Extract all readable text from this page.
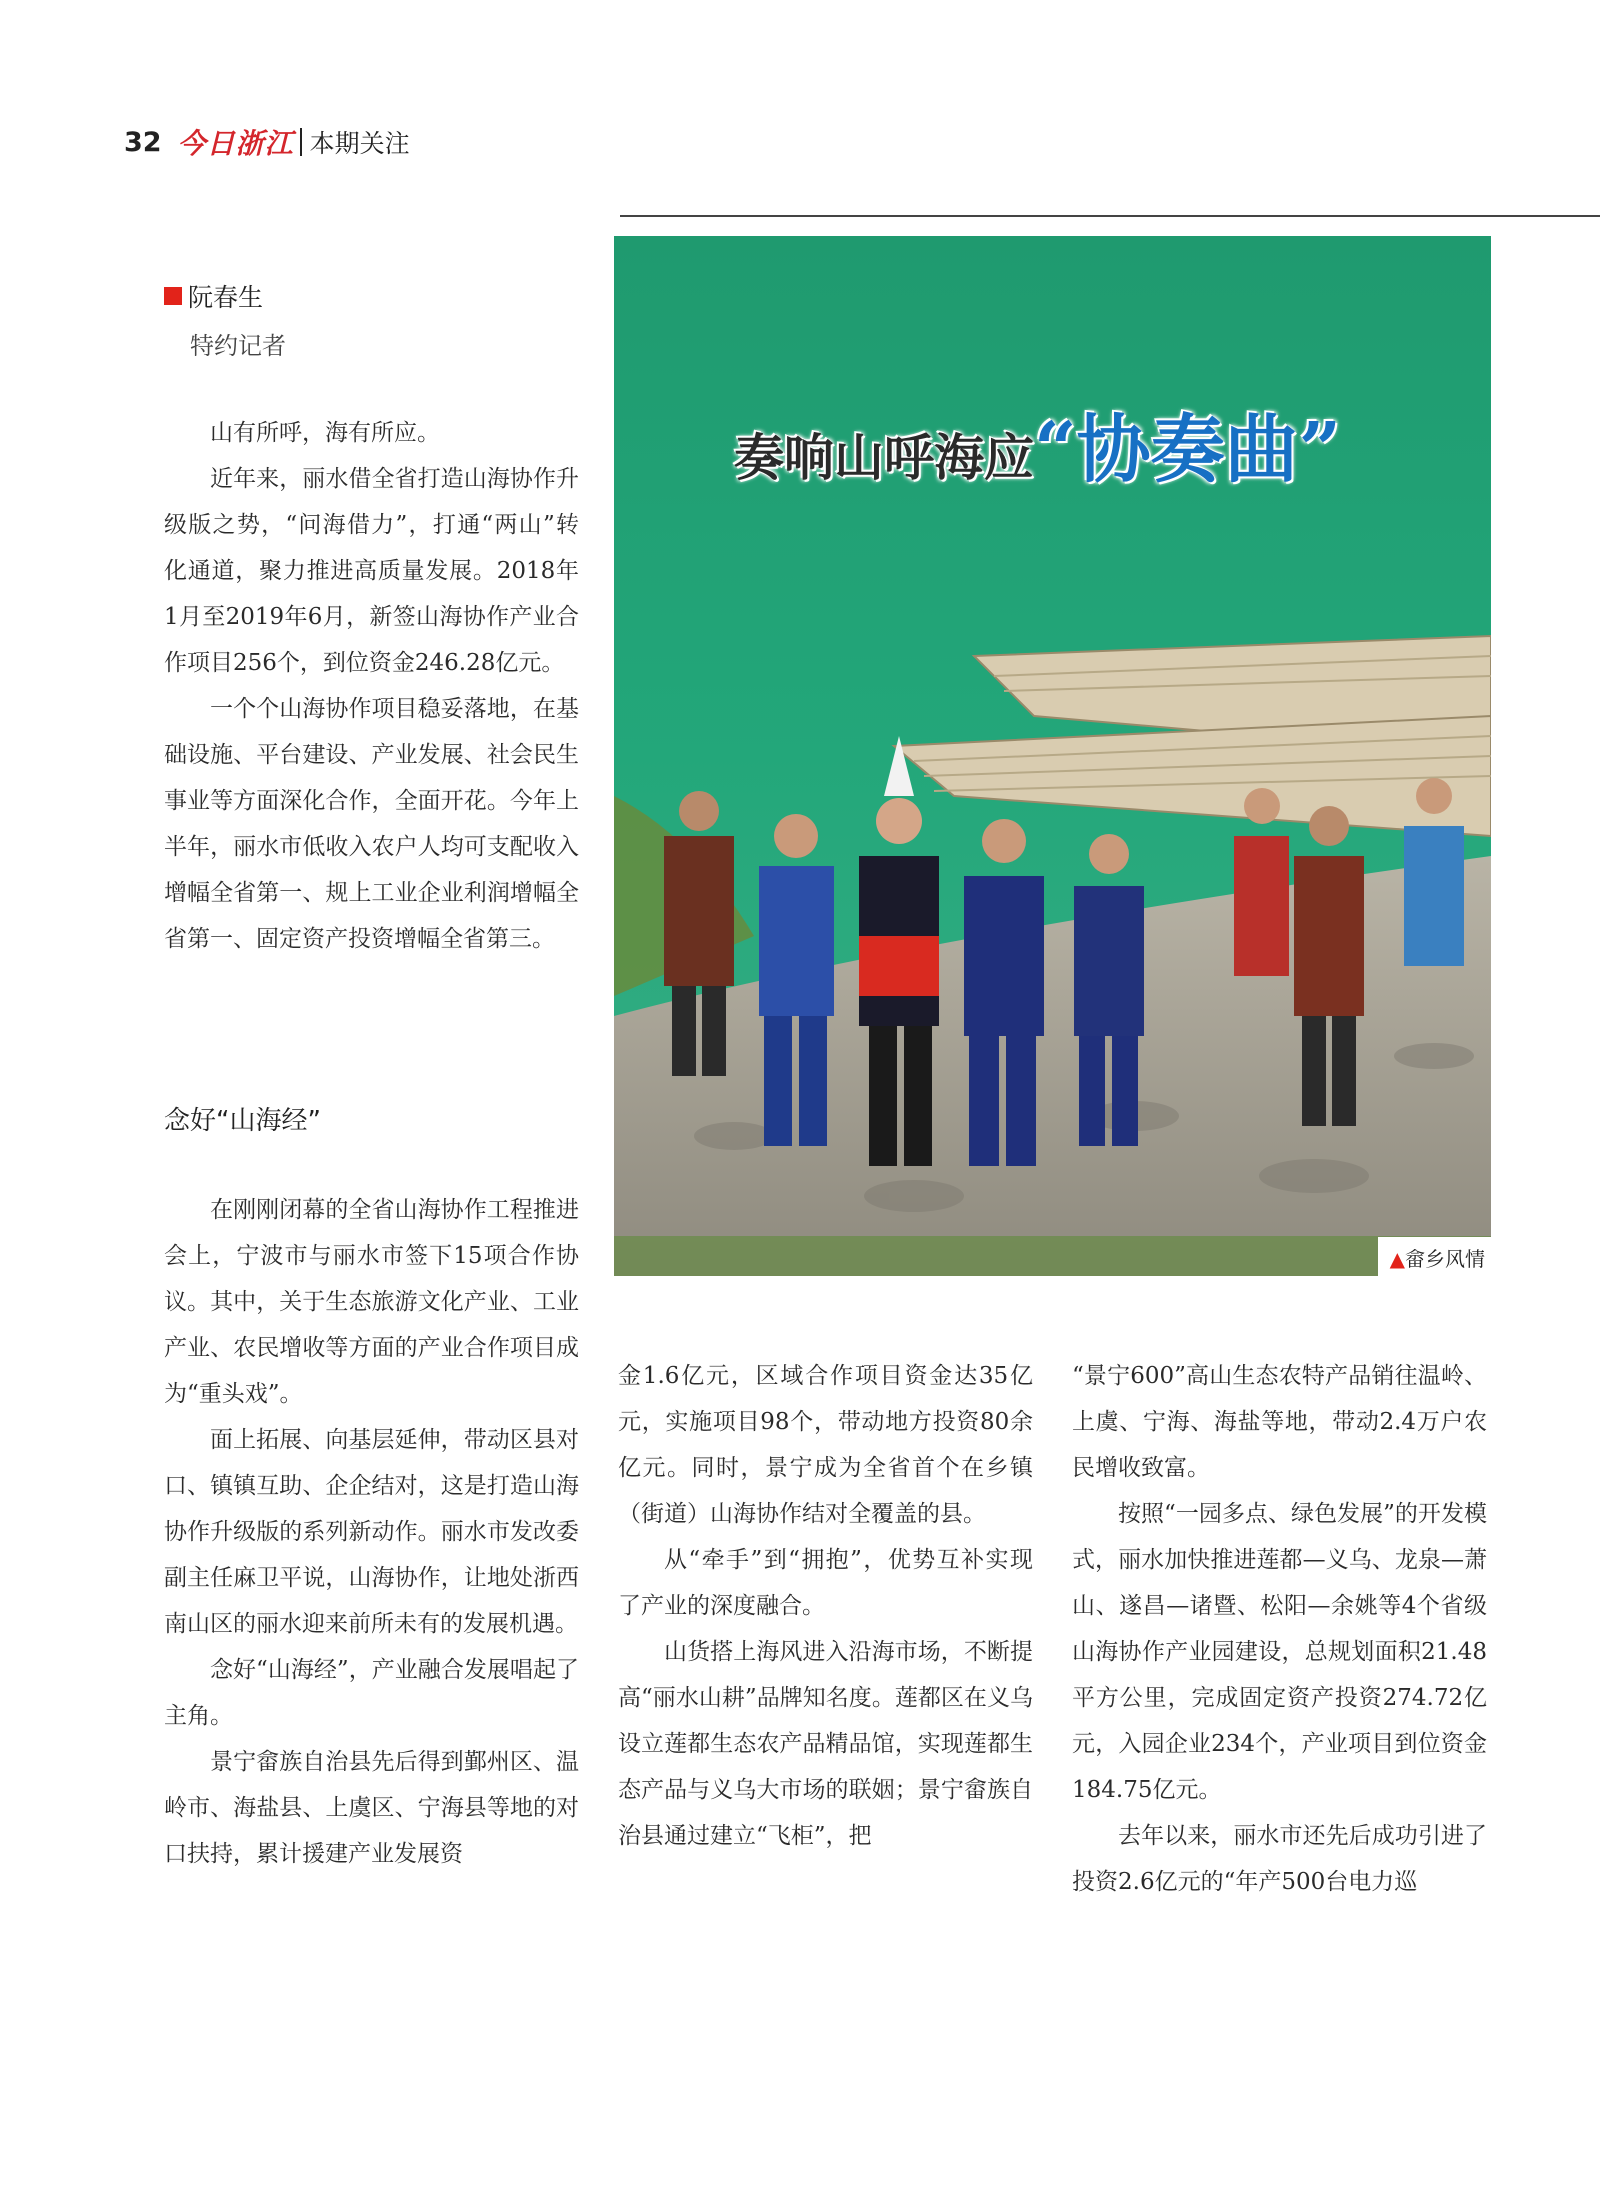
32 今日浙江 本期关注
阮春生
特约记者
奏响山呼海应“协奏曲”
▲畲乡风情

山有所呼，海有所应。

近年来，丽水借全省打造山海协作升级版之势，“问海借力”，打通“两山”转化通道，聚力推进高质量发展。2018年1月至2019年6月，新签山海协作产业合作项目256个，到位资金246.28亿元。

一个个山海协作项目稳妥落地，在基础设施、平台建设、产业发展、社会民生事业等方面深化合作，全面开花。今年上半年，丽水市低收入农户人均可支配收入增幅全省第一、规上工业企业利润增幅全省第一、固定资产投资增幅全省第三。

念好“山海经”

在刚刚闭幕的全省山海协作工程推进会上，宁波市与丽水市签下15项合作协议。其中，关于生态旅游文化产业、工业产业、农民增收等方面的产业合作项目成为“重头戏”。

面上拓展、向基层延伸，带动区县对口、镇镇互助、企企结对，这是打造山海协作升级版的系列新动作。丽水市发改委副主任麻卫平说，山海协作，让地处浙西南山区的丽水迎来前所未有的发展机遇。

念好“山海经”，产业融合发展唱起了主角。

景宁畲族自治县先后得到鄞州区、温岭市、海盐县、上虞区、宁海县等地的对口扶持，累计援建产业发展资

金1.6亿元，区域合作项目资金达35亿元，实施项目98个，带动地方投资80余亿元。同时，景宁成为全省首个在乡镇（街道）山海协作结对全覆盖的县。

从“牵手”到“拥抱”，优势互补实现了产业的深度融合。

山货搭上海风进入沿海市场，不断提高“丽水山耕”品牌知名度。莲都区在义乌设立莲都生态农产品精品馆，实现莲都生态产品与义乌大市场的联姻；景宁畲族自治县通过建立“飞柜”，把

“景宁600”高山生态农特产品销往温岭、上虞、宁海、海盐等地，带动2.4万户农民增收致富。

按照“一园多点、绿色发展”的开发模式，丽水加快推进莲都—义乌、龙泉—萧山、遂昌—诸暨、松阳—余姚等4个省级山海协作产业园建设，总规划面积21.48平方公里，完成固定资产投资274.72亿元，入园企业234个，产业项目到位资金184.75亿元。

去年以来，丽水市还先后成功引进了投资2.6亿元的“年产500台电力巡
